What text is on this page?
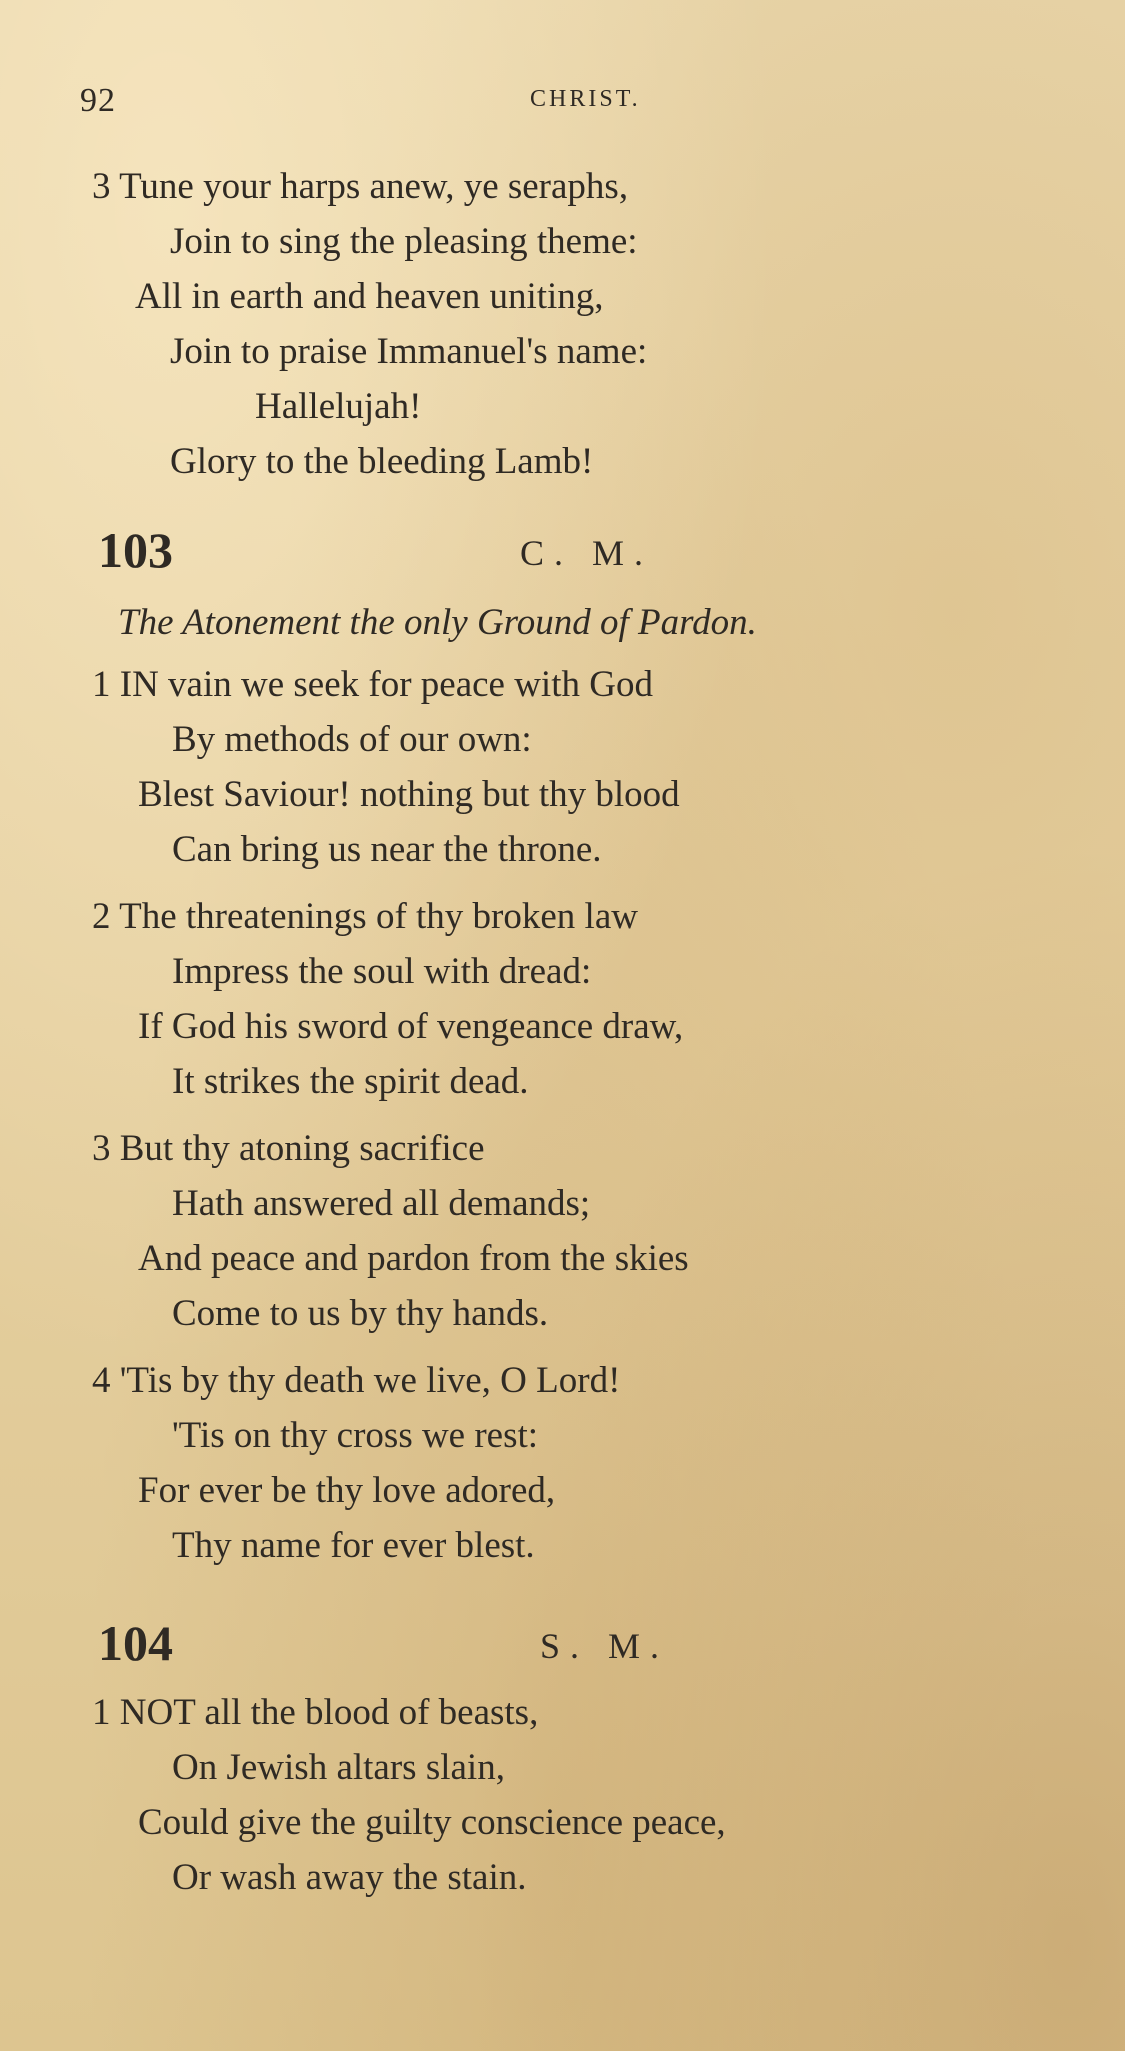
92	CHRIST.
3 Tune your harps anew, ye seraphs,
Join to sing the pleasing theme:
All in earth and heaven uniting,
Join to praise Immanuel's name:
Hallelujah!
Glory to the bleeding Lamb!
103	C. M.
The Atonement the only Ground of Pardon.
1 IN vain we seek for peace with God
By methods of our own:
Blest Saviour! nothing but thy blood
Can bring us near the throne.
2 The threatenings of thy broken law
Impress the soul with dread:
If God his sword of vengeance draw,
It strikes the spirit dead.
3 But thy atoning sacrifice
Hath answered all demands;
And peace and pardon from the skies
Come to us by thy hands.
4 'Tis by thy death we live, O Lord!
'Tis on thy cross we rest:
For ever be thy love adored,
Thy name for ever blest.
104	S. M.
1 NOT all the blood of beasts,
On Jewish altars slain,
Could give the guilty conscience peace,
Or wash away the stain.
